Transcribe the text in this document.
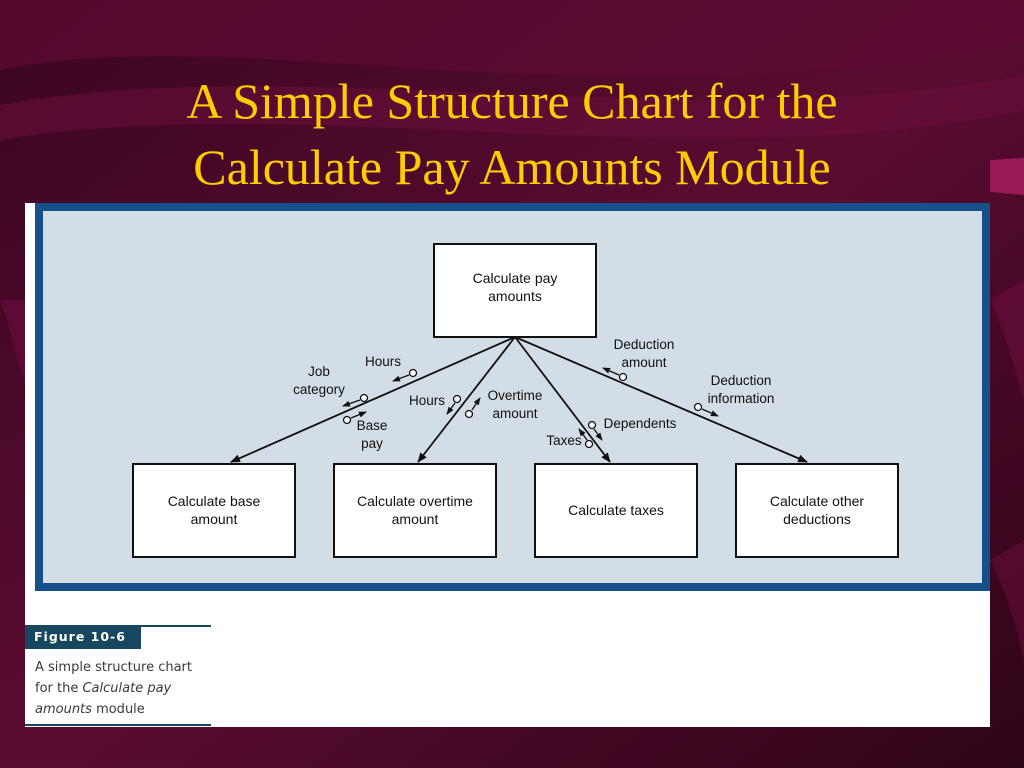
A Simple Structure Chart for the
Calculate Pay Amounts Module
Calculate pay
amounts
Calculate base
amount
Calculate overtime
amount
Calculate taxes
Calculate other
deductions
Hours
Job
category
Base
pay
Hours	Overtime
amount
Dependents
Taxes
Deduction
amount
Deduction
information
Figure 10-6
A simple structure chart
for the Calculate pay
amounts module
